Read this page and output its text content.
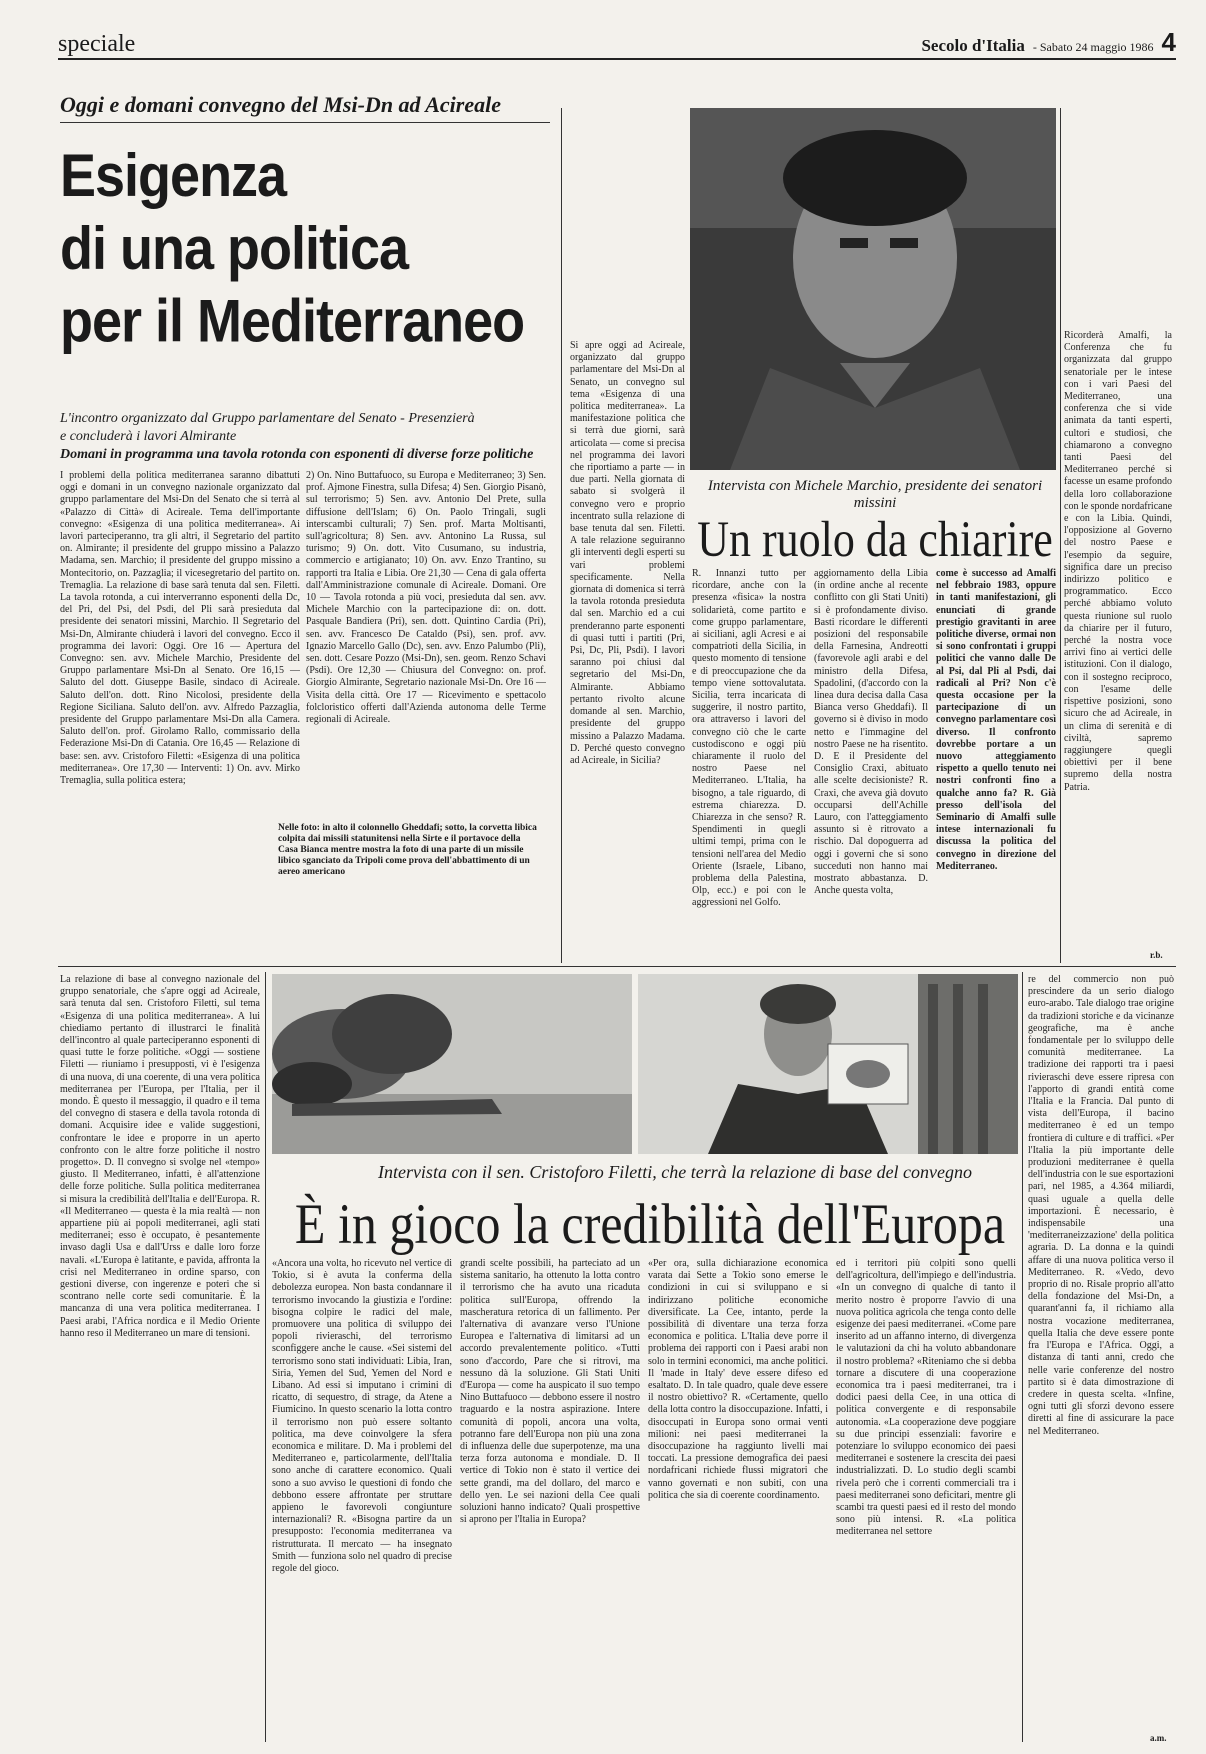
speciale	Secolo d'Italia - Sabato 24 maggio 1986 4
Oggi e domani convegno del Msi-Dn ad Acireale
Esigenza
di una politica
per il Mediterraneo
L'incontro organizzato dal Gruppo parlamentare del Senato - Presenzierà
e concluderà i lavori Almirante
Domani in programma una tavola rotonda con esponenti di diverse forze politiche
I problemi della politica mediterranea saranno dibattuti oggi e domani in un convegno nazionale organizzato dal gruppo parlamentare del Msi-Dn del Senato che si terrà al «Palazzo di Città» di Acireale. Tema dell'importante convegno: «Esigenza di una politica mediterranea». Ai lavori parteciperanno, tra gli altri, il Segretario del partito on. Almirante; il presidente del gruppo missino a Palazzo Madama, sen. Marchio; il presidente del gruppo missino a Montecitorio, on. Pazzaglia; il vicesegretario del partito on. Tremaglia. La relazione di base sarà tenuta dal sen. Filetti. La tavola rotonda, a cui interverranno esponenti della Dc, del Pri, del Psi, del Psdi, del Pli sarà presieduta dal presidente dei senatori missini, Marchio. Il Segretario del Msi-Dn, Almirante chiuderà i lavori del convegno. Ecco il programma dei lavori: Oggi. Ore 16 — Apertura del Convegno: sen. avv. Michele Marchio, Presidente del Gruppo parlamentare Msi-Dn al Senato. Ore 16,15 — Saluto del dott. Giuseppe Basile, sindaco di Acireale. Saluto dell'on. dott. Rino Nicolosi, presidente della Regione Siciliana. Saluto dell'on. avv. Alfredo Pazzaglia, presidente del Gruppo parlamentare Msi-Dn alla Camera. Saluto dell'on. prof. Girolamo Rallo, commissario della Federazione Msi-Dn di Catania. Ore 16,45 — Relazione di base: sen. avv. Cristoforo Filetti: «Esigenza di una politica mediterranea». Ore 17,30 — Interventi: 1) On. avv. Mirko Tremaglia, sulla politica estera;
2) On. Nino Buttafuoco, su Europa e Mediterraneo; 3) Sen. prof. Ajmone Finestra, sulla Difesa; 4) Sen. Giorgio Pisanò, sul terrorismo; 5) Sen. avv. Antonio Del Prete, sulla diffusione dell'Islam; 6) On. Paolo Tringali, sugli interscambi culturali; 7) Sen. prof. Marta Moltisanti, sull'agricoltura; 8) Sen. avv. Antonino La Russa, sul turismo; 9) On. dott. Vito Cusumano, su industria, commercio e artigianato; 10) On. avv. Enzo Trantino, su rapporti tra Italia e Libia. Ore 21,30 — Cena di gala offerta dall'Amministrazione comunale di Acireale. Domani. Ore 10 — Tavola rotonda a più voci, presieduta dal sen. avv. Michele Marchio con la partecipazione di: on. dott. Pasquale Bandiera (Pri), sen. dott. Quintino Cardia (Pri), sen. avv. Francesco De Cataldo (Psi), sen. prof. avv. Ignazio Marcello Gallo (Dc), sen. avv. Enzo Palumbo (Pli), sen. dott. Cesare Pozzo (Msi-Dn), sen. geom. Renzo Schavi (Psdi). Ore 12,30 — Chiusura del Convegno: on. prof. Giorgio Almirante, Segretario nazionale Msi-Dn. Ore 16 — Visita della città. Ore 17 — Ricevimento e spettacolo folcloristico offerti dall'Azienda autonoma delle Terme regionali di Acireale.
Nelle foto: in alto il colonnello Gheddafi; sotto, la corvetta libica colpita dai missili statunitensi nella Sirte e il portavoce della Casa Bianca mentre mostra la foto di una parte di un missile libico sganciato da Tripoli come prova dell'abbattimento di un aereo americano
Si apre oggi ad Acireale, organizzato dal gruppo parlamentare del Msi-Dn al Senato, un convegno sul tema «Esigenza di una politica mediterranea». La manifestazione politica che si terrà due giorni, sarà articolata — come si precisa nel programma dei lavori che riportiamo a parte — in due parti. Nella giornata di sabato si svolgerà il convegno vero e proprio incentrato sulla relazione di base tenuta dal sen. Filetti. A tale relazione seguiranno gli interventi degli esperti su vari problemi specificamente. Nella giornata di domenica si terrà la tavola rotonda presieduta dal sen. Marchio ed a cui prenderanno parte esponenti di quasi tutti i partiti (Pri, Psi, Dc, Pli, Psdi). I lavori saranno poi chiusi dal segretario del Msi-Dn, Almirante. Abbiamo pertanto rivolto alcune domande al sen. Marchio, presidente del gruppo missino a Palazzo Madama. D. Perché questo convegno ad Acireale, in Sicilia?
Intervista con Michele Marchio, presidente dei senatori missini
Un ruolo da chiarire
R. Innanzi tutto per ricordare, anche con la presenza «fisica» la nostra solidarietà, come partito e come gruppo parlamentare, ai siciliani, agli Acresi e ai compatrioti della Sicilia, in questo momento di tensione e di preoccupazione che da tempo viene sottovalutata. Sicilia, terra incaricata di suggerire, il nostro partito, ora attraverso i lavori del convegno ciò che le carte custodiscono e oggi più chiaramente il ruolo del nostro Paese nel Mediterraneo. L'Italia, ha bisogno, a tale riguardo, di estrema chiarezza. D. Chiarezza in che senso? R. Spendimenti in quegli ultimi tempi, prima con le tensioni nell'area del Medio Oriente (Israele, Libano, problema della Palestina, Olp, ecc.) e poi con le aggressioni nel Golfo.
aggiornamento della Libia (in ordine anche al recente conflitto con gli Stati Uniti) si è profondamente diviso. Basti ricordare le differenti posizioni del responsabile della Farnesina, Andreotti (favorevole agli arabi e del ministro della Difesa, Spadolini, (d'accordo con la linea dura decisa dalla Casa Bianca verso Gheddafi). Il governo si è diviso in modo netto e l'immagine del nostro Paese ne ha risentito. D. E il Presidente del Consiglio Craxi, abituato alle scelte decisioniste? R. Craxi, che aveva già dovuto occuparsi dell'Achille Lauro, con l'atteggiamento assunto si è ritrovato a rischio. Dal dopoguerra ad oggi i governi che si sono succeduti non hanno mai mostrato abbastanza. D. Anche questa volta,
come è successo ad Amalfi nel febbraio 1983, oppure in tanti manifestazioni, gli enunciati di grande prestigio gravitanti in aree politiche diverse, ormai non si sono confrontati i gruppi politici che vanno dalle De al Psi, dal Pli al Psdi, dai radicali al Pri? Non c'è questa occasione per la partecipazione di un convegno parlamentare così diverso. Il confronto dovrebbe portare a un nuovo atteggiamento rispetto a quello tenuto nei nostri confronti fino a qualche anno fa? R. Già presso dell'isola del Seminario di Amalfi sulle intese internazionali fu discussa la politica del convegno in direzione del Mediterraneo.
Ricorderà Amalfi, la Conferenza che fu organizzata dal gruppo senatoriale per le intese con i vari Paesi del Mediterraneo, una conferenza che si vide animata da tanti esperti, cultori e studiosi, che chiamarono a convegno tanti Paesi del Mediterraneo perché si facesse un esame profondo della loro collaborazione con le sponde nordafricane e con la Libia. Quindi, l'opposizione al Governo del nostro Paese e l'esempio da seguire, significa dare un preciso indirizzo politico e programmatico. Ecco perché abbiamo voluto questa riunione sul ruolo da chiarire per il futuro, perché la nostra voce arrivi fino ai vertici delle istituzioni. Con il dialogo, con il sostegno reciproco, con l'esame delle rispettive posizioni, sono sicuro che ad Acireale, in un clima di serenità e di civiltà, sapremo raggiungere quegli obiettivi per il bene supremo della nostra Patria.
r.b.
La relazione di base al convegno nazionale del gruppo senatoriale, che s'apre oggi ad Acireale, sarà tenuta dal sen. Cristoforo Filetti, sul tema «Esigenza di una politica mediterranea». A lui chiediamo pertanto di illustrarci le finalità dell'incontro al quale parteciperanno esponenti di quasi tutte le forze politiche. «Oggi — sostiene Filetti — riuniamo i presupposti, vi è l'esigenza di una nuova, di una coerente, di una vera politica mediterranea per l'Europa, per l'Italia, per il mondo. È questo il messaggio, il quadro e il tema del convegno di stasera e della tavola rotonda di domani. Acquisire idee e valide suggestioni, confrontare le idee e proporre in un aperto confronto con le altre forze politiche il nostro progetto». D. Il convegno si svolge nel «tempo» giusto. Il Mediterraneo, infatti, è all'attenzione delle forze politiche. Sulla politica mediterranea si misura la credibilità dell'Italia e dell'Europa. R. «Il Mediterraneo — questa è la mia realtà — non appartiene più ai popoli mediterranei, agli stati mediterranei; esso è occupato, è pesantemente invaso dagli Usa e dall'Urss e dalle loro forze navali. «L'Europa è latitante, e pavida, affronta la crisi nel Mediterraneo in ordine sparso, con gestioni diverse, con ingerenze e poteri che si scontrano nelle corte sedi comunitarie. È la mancanza di una vera politica mediterranea. I Paesi arabi, l'Africa nordica e il Medio Oriente hanno reso il Mediterraneo un mare di tensioni.
Intervista con il sen. Cristoforo Filetti, che terrà la relazione di base del convegno
È in gioco la credibilità dell'Europa
«Ancora una volta, ho ricevuto nel vertice di Tokio, si è avuta la conferma della debolezza europea. Non basta condannare il terrorismo invocando la giustizia e l'ordine: bisogna colpire le radici del male, promuovere una politica di sviluppo dei popoli rivieraschi, del terrorismo sconfiggere anche le cause. «Sei sistemi del terrorismo sono stati individuati: Libia, Iran, Siria, Yemen del Sud, Yemen del Nord e Libano. Ad essi si imputano i crimini di ricatto, di sequestro, di strage, da Atene a Fiumicino. In questo scenario la lotta contro il terrorismo non può essere soltanto politica, ma deve coinvolgere la sfera economica e militare. D. Ma i problemi del Mediterraneo e, particolarmente, dell'Italia sono anche di carattere economico. Quali sono a suo avviso le questioni di fondo che debbono essere affrontate per struttare appieno le favorevoli congiunture internazionali? R. «Bisogna partire da un presupposto: l'economia mediterranea va ristrutturata. Il mercato — ha insegnato Smith — funziona solo nel quadro di precise regole del gioco.
grandi scelte possibili, ha parteciato ad un sistema sanitario, ha ottenuto la lotta contro il terrorismo che ha avuto una ricaduta politica sull'Europa, offrendo la mascheratura retorica di un fallimento. Per l'alternativa di avanzare verso l'Unione Europea e l'alternativa di limitarsi ad un accordo prevalentemente politico. «Tutti sono d'accordo, Pare che si ritrovi, ma nessuno dà la soluzione. Gli Stati Uniti d'Europa — come ha auspicato il suo tempo Nino Buttafuoco — debbono essere il nostro traguardo e la nostra aspirazione. Intere comunità di popoli, ancora una volta, potranno fare dell'Europa non più una zona di influenza delle due superpotenze, ma una terza forza autonoma e mondiale. D. Il vertice di Tokio non è stato il vertice dei sette grandi, ma del dollaro, del marco e dello yen. Le sei nazioni della Cee quali soluzioni hanno indicato? Quali prospettive si aprono per l'Italia in Europa?
«Per ora, sulla dichiarazione economica varata dai Sette a Tokio sono emerse le condizioni in cui si sviluppano e si indirizzano politiche economiche diversificate. La Cee, intanto, perde la possibilità di diventare una terza forza economica e politica. L'Italia deve porre il problema dei rapporti con i Paesi arabi non solo in termini economici, ma anche politici. Il 'made in Italy' deve essere difeso ed esaltato. D. In tale quadro, quale deve essere il nostro obiettivo? R. «Certamente, quello della lotta contro la disoccupazione. Infatti, i disoccupati in Europa sono ormai venti milioni: nei paesi mediterranei la disoccupazione ha raggiunto livelli mai toccati. La pressione demografica dei paesi nordafricani richiede flussi migratori che vanno governati e non subiti, con una politica che sia di coerente coordinamento.
ed i territori più colpiti sono quelli dell'agricoltura, dell'impiego e dell'industria. «In un convegno di qualche di tanto il merito nostro è proporre l'avvio di una nuova politica agricola che tenga conto delle esigenze dei paesi mediterranei. «Come pare inserito ad un affanno interno, di divergenza le valutazioni da chi ha voluto abbandonare il nostro problema? «Riteniamo che si debba tornare a discutere di una cooperazione economica tra i paesi mediterranei, tra i dodici paesi della Cee, in una ottica di politica convergente e di responsabile autonomia. «La cooperazione deve poggiare su due principi essenziali: favorire e potenziare lo sviluppo economico dei paesi mediterranei e sostenere la crescita dei paesi industrializzati. D. Lo studio degli scambi rivela però che i correnti commerciali tra i paesi mediterranei sono deficitari, mentre gli scambi tra questi paesi ed il resto del mondo sono più intensi. R. «La politica mediterranea nel settore
re del commercio non può prescindere da un serio dialogo euro-arabo. Tale dialogo trae origine da tradizioni storiche e da vicinanze geografiche, ma è anche fondamentale per lo sviluppo delle comunità mediterranee. La tradizione dei rapporti tra i paesi rivieraschi deve essere ripresa con l'apporto di grandi entità come l'Italia e la Francia. Dal punto di vista dell'Europa, il bacino mediterraneo è ed un tempo frontiera di culture e di traffici. «Per l'Italia la più importante delle produzioni mediterranee è quella dell'industria con le sue esportazioni pari, nel 1985, a 4.364 miliardi, quasi uguale a quella delle importazioni. È necessario, è indispensabile una 'mediterraneizzazione' della politica agraria. D. La donna e la quindi affare di una nuova politica verso il Mediterraneo. R. «Vedo, devo proprio di no. Risale proprio all'atto della fondazione del Msi-Dn, a quarant'anni fa, il richiamo alla nostra vocazione mediterranea, quella Italia che deve essere ponte fra l'Europa e l'Africa. Oggi, a distanza di tanti anni, credo che nelle varie conferenze del nostro partito si è data dimostrazione di credere in questa scelta. «Infine, ogni tutti gli sforzi devono essere diretti al fine di assicurare la pace nel Mediterraneo.
a.m.
